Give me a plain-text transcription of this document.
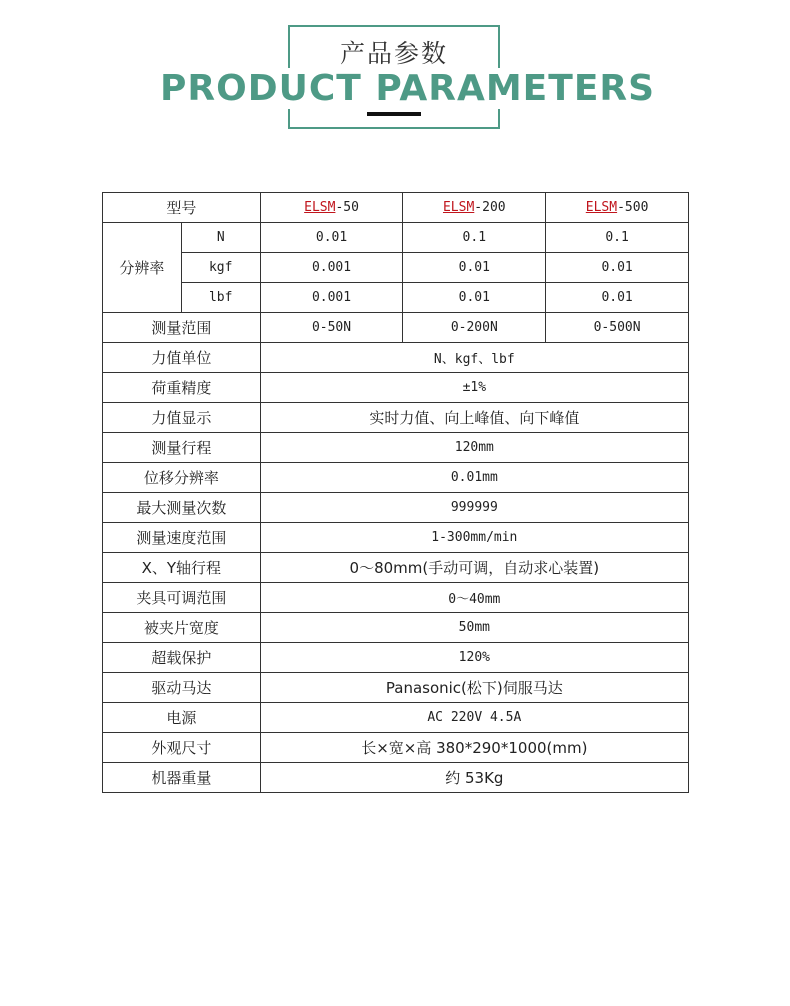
产品参数
PRODUCT PARAMETERS
型号		ELSM-50	ELSM-200	ELSM-500
分辨率	N	0.01	0.1	0.1
	kgf	0.001	0.01	0.01
	lbf	0.001	0.01	0.01
测量范围		0-50N	0-200N	0-500N
力值单位		N、kgf、lbf		
荷重精度		±1%		
力值显示		实时力值、向上峰值、向下峰值		
测量行程		120mm		
位移分辨率		0.01mm		
最大测量次数		999999		
测量速度范围		1-300mm/min		
X、Y轴行程		0～80mm(手动可调，自动求心装置)		
夹具可调范围		0～40mm		
被夹片宽度		50mm		
超载保护		120%		
驱动马达		Panasonic(松下)伺服马达		
电源		AC 220V 4.5A		
外观尺寸		长×宽×高 380*290*1000(mm)		
机器重量		约 53Kg		
